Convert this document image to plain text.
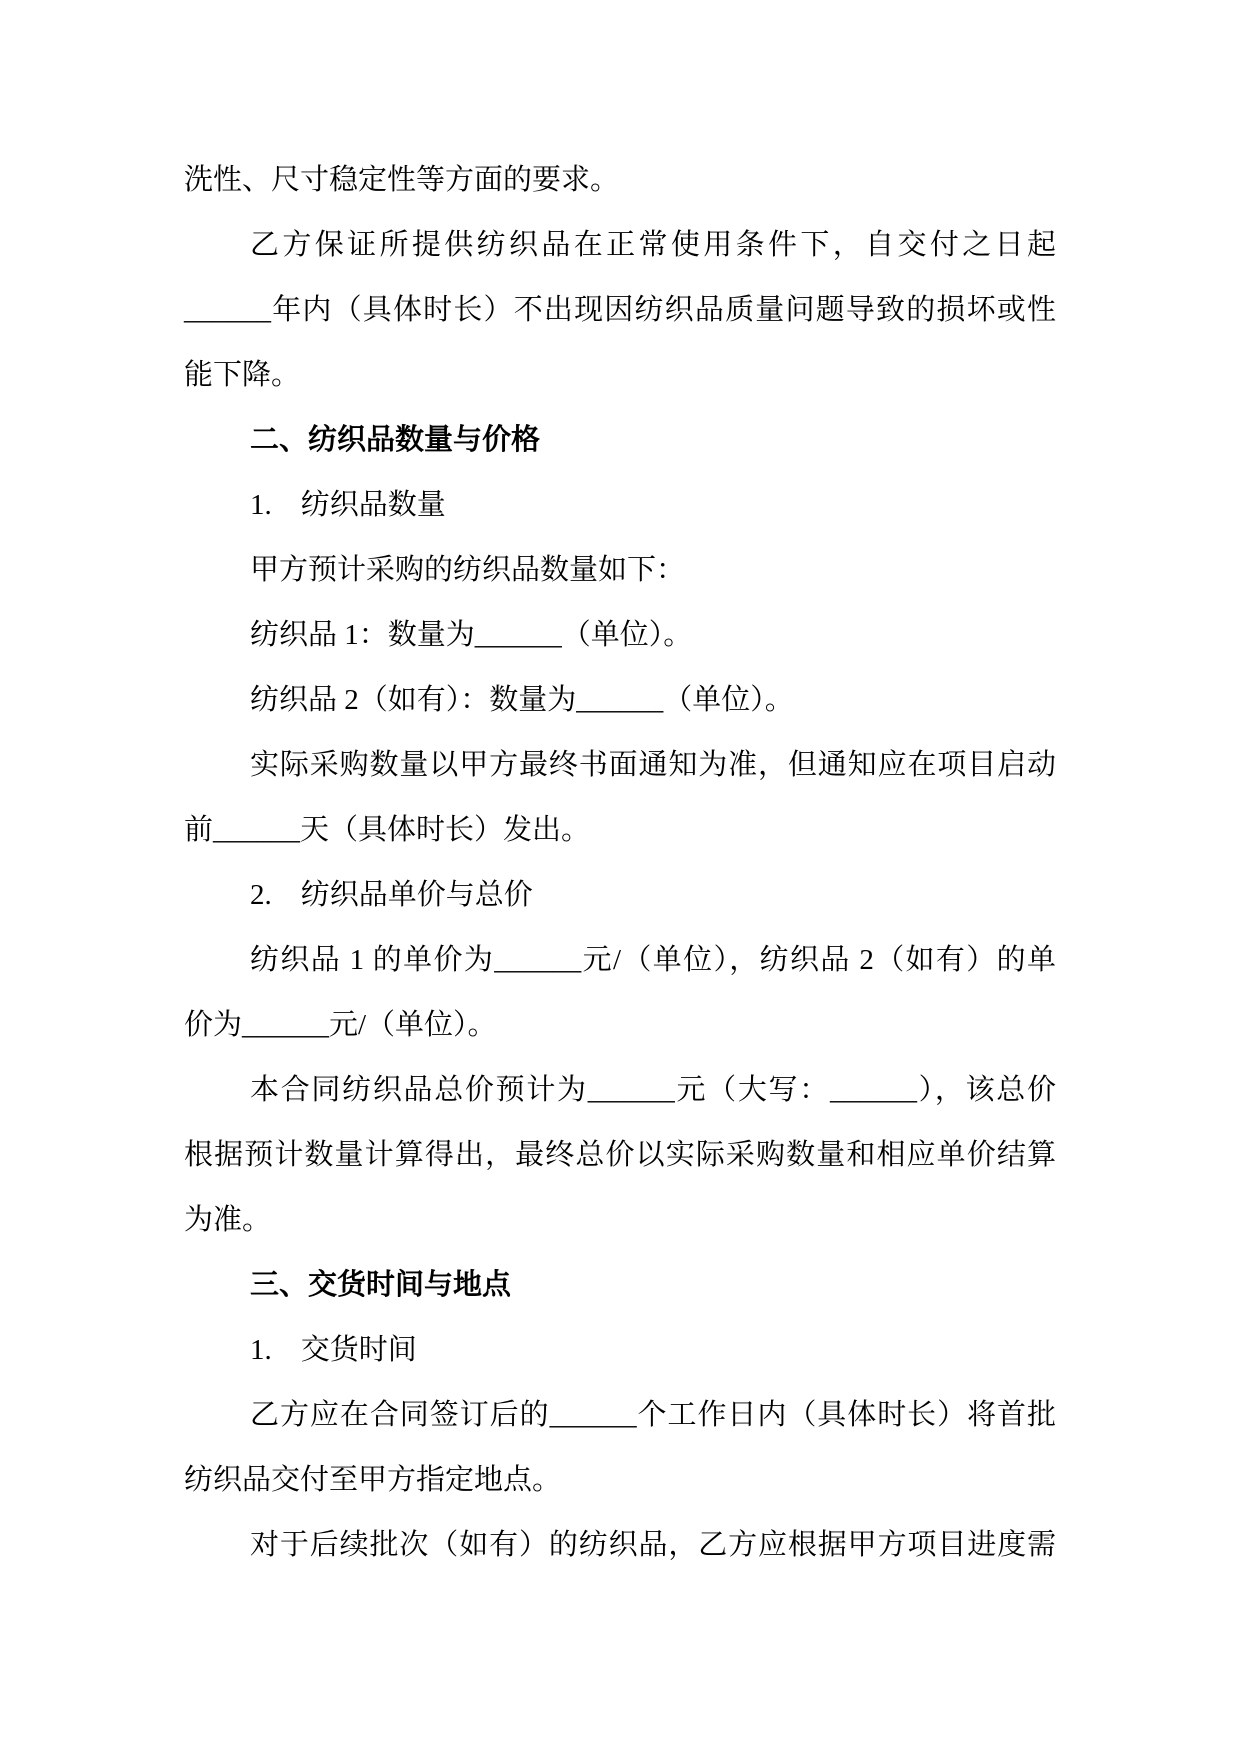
洗性、尺寸稳定性等方面的要求。

乙方保证所提供纺织品在正常使用条件下，自交付之日起

______年内（具体时长）不出现因纺织品质量问题导致的损坏或性

能下降。

二、纺织品数量与价格

1.　纺织品数量

甲方预计采购的纺织品数量如下：

纺织品 1：数量为______（单位）。

纺织品 2（如有）：数量为______（单位）。

实际采购数量以甲方最终书面通知为准，但通知应在项目启动

前______天（具体时长）发出。

2.　纺织品单价与总价

纺织品 1 的单价为______元/（单位），纺织品 2（如有）的单

价为______元/（单位）。

本合同纺织品总价预计为______元（大写：______），该总价

根据预计数量计算得出，最终总价以实际采购数量和相应单价结算

为准。

三、交货时间与地点

1.　交货时间

乙方应在合同签订后的______个工作日内（具体时长）将首批

纺织品交付至甲方指定地点。

对于后续批次（如有）的纺织品，乙方应根据甲方项目进度需
